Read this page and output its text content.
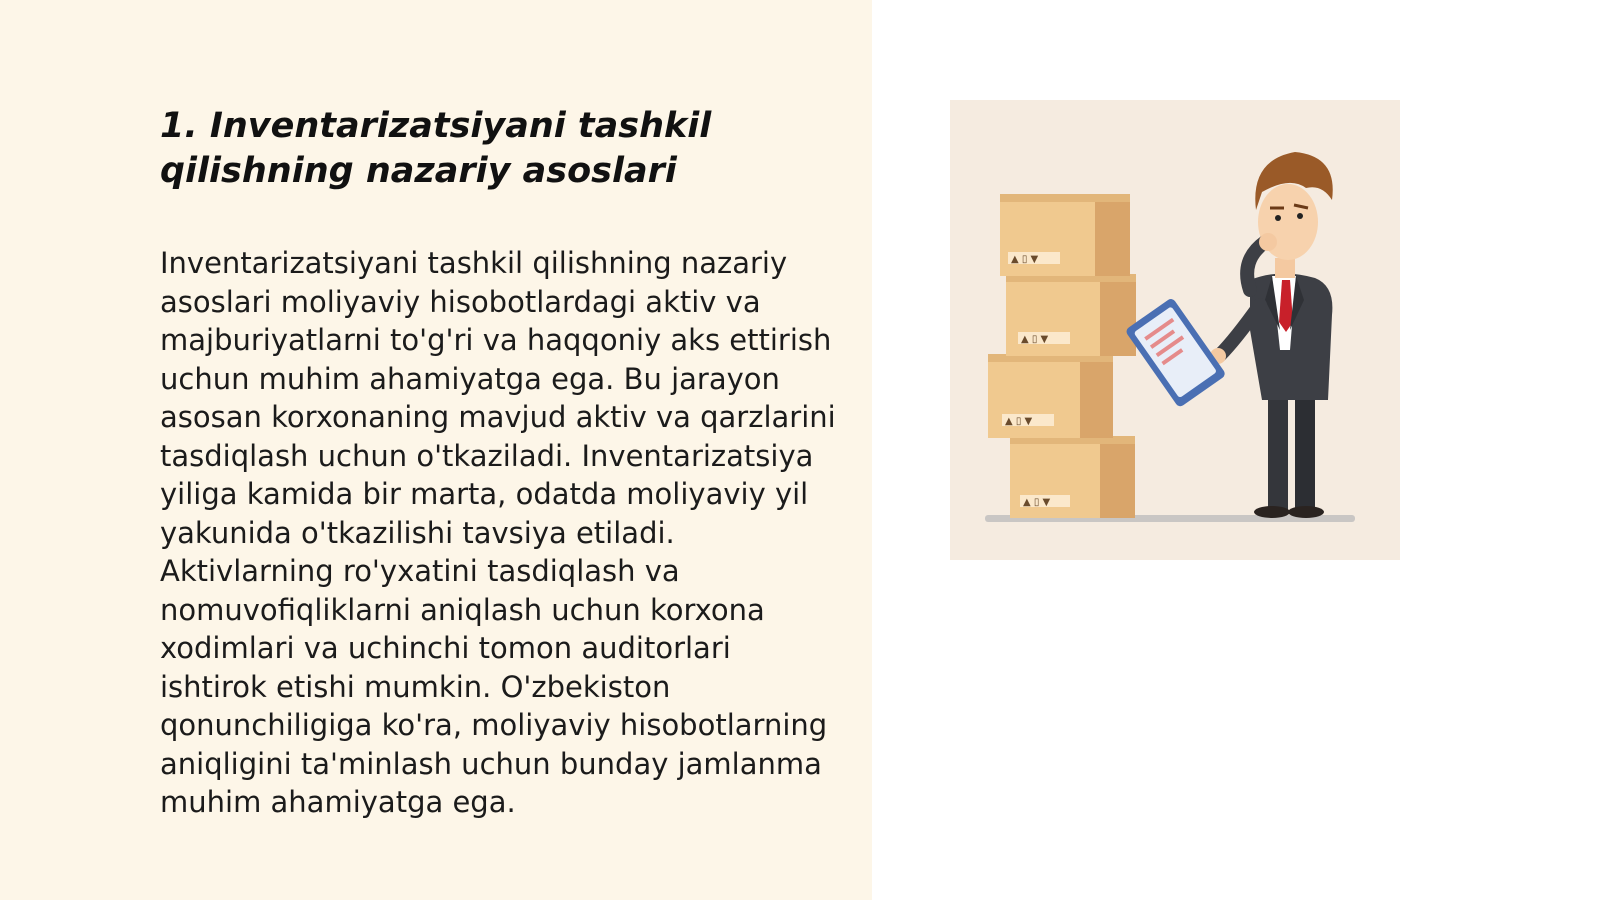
1. Inventarizatsiyani tashkil qilishning nazariy asoslari

Inventarizatsiyani tashkil qilishning nazariy asoslari moliyaviy hisobotlardagi aktiv va majburiyatlarni to'g'ri va haqqoniy aks ettirish uchun muhim ahamiyatga ega. Bu jarayon asosan korxonaning mavjud aktiv va qarzlarini tasdiqlash uchun o'tkaziladi. Inventarizatsiya yiliga kamida bir marta, odatda moliyaviy yil yakunida o'tkazilishi tavsiya etiladi. Aktivlarning ro'yxatini tasdiqlash va nomuvofiqliklarni aniqlash uchun korxona xodimlari va uchinchi tomon auditorlari ishtirok etishi mumkin. O'zbekiston qonunchiligiga ko'ra, moliyaviy hisobotlarning aniqligini ta'minlash uchun bunday jamlanma muhim ahamiyatga ega.

▲ ▯ ▼
▲ ▯ ▼
▲ ▯ ▼
▲ ▯ ▼
